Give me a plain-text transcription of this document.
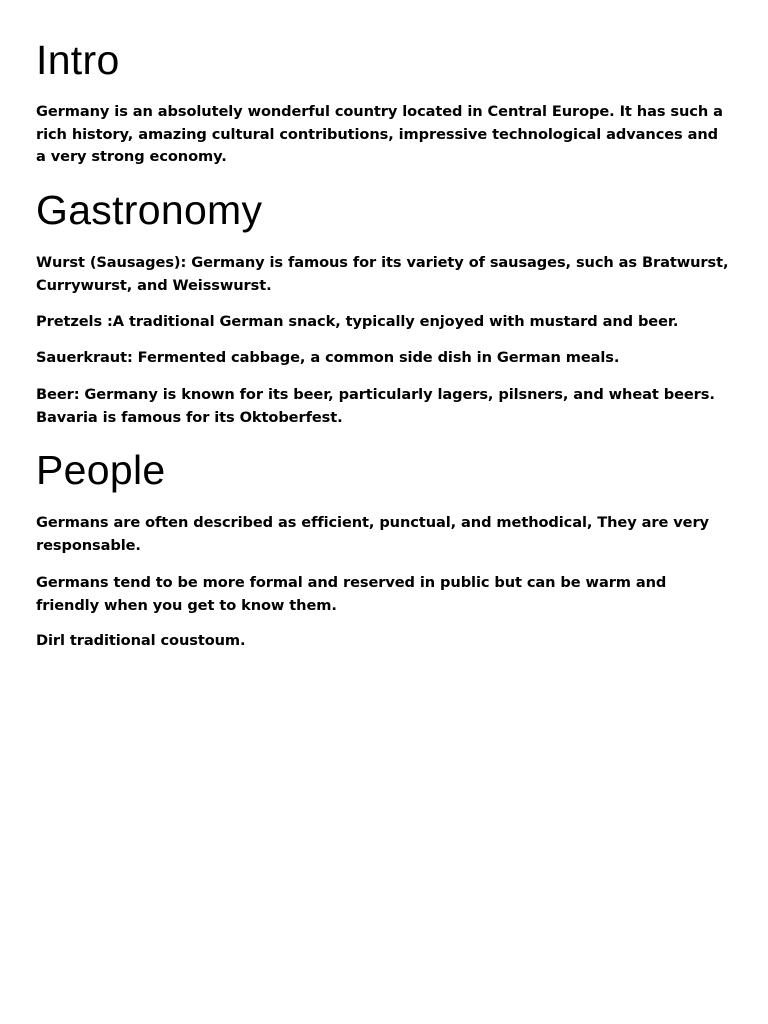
Intro

Germany is an absolutely wonderful country located in Central Europe. It has such a rich history, amazing cultural contributions, impressive technological advances and a very strong economy.

Gastronomy

Wurst (Sausages): Germany is famous for its variety of sausages, such as Bratwurst, Currywurst, and Weisswurst.

Pretzels :A traditional German snack, typically enjoyed with mustard and beer.

Sauerkraut: Fermented cabbage, a common side dish in German meals.

Beer: Germany is known for its beer, particularly lagers, pilsners, and wheat beers. Bavaria is famous for its Oktoberfest.

People

Germans are often described as efficient, punctual, and methodical, They are very responsable.

Germans tend to be more formal and reserved in public but can be warm and friendly when you get to know them.

Dirl traditional coustoum.
